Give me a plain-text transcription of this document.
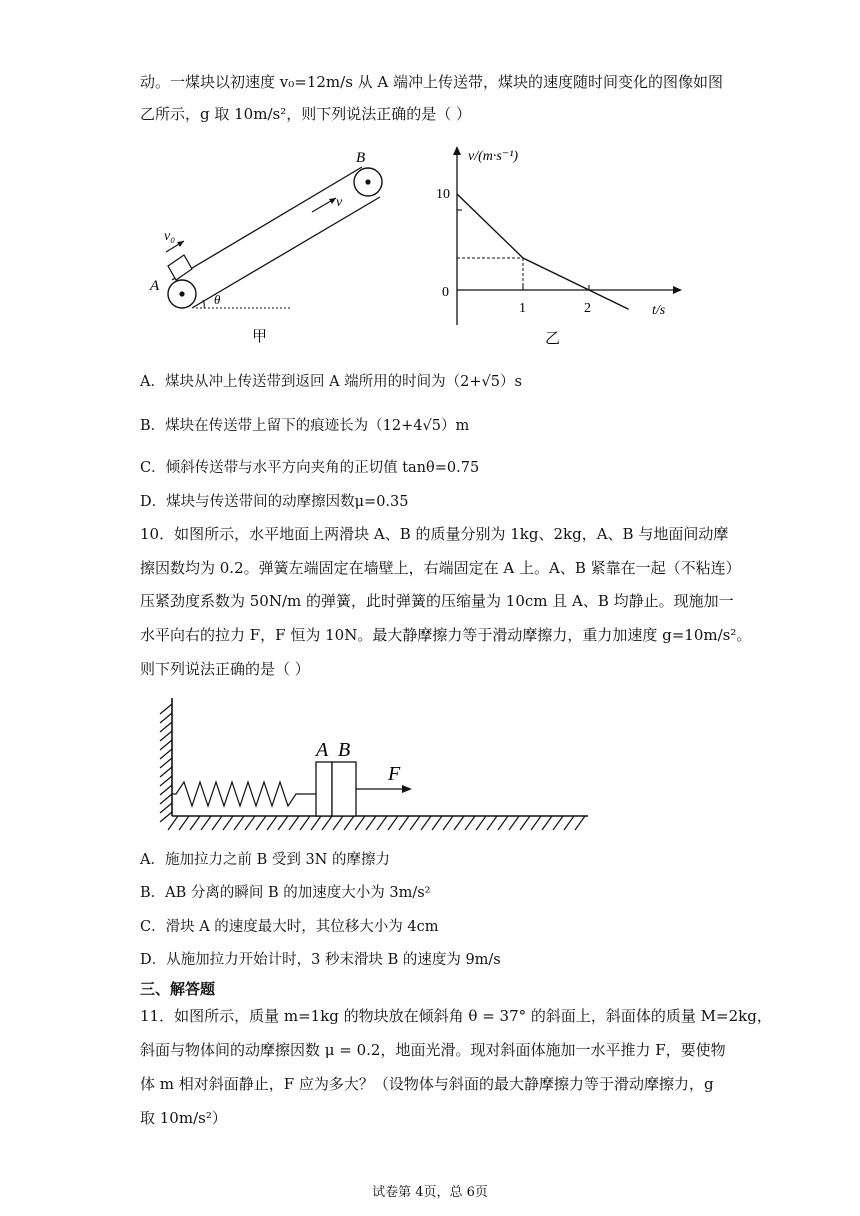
动。一煤块以初速度 v₀=12m/s 从 A 端冲上传送带，煤块的速度随时间变化的图像如图
乙所示，g 取 10m/s²，则下列说法正确的是（ ）
B
A
v
v₀
θ
甲
v/(m·s⁻¹)
t/s
10
0
1	2
乙
A．煤块从冲上传送带到返回 A 端所用的时间为（2+√5）s
B．煤块在传送带上留下的痕迹长为（12+4√5）m
C．倾斜传送带与水平方向夹角的正切值 tanθ=0.75
D．煤块与传送带间的动摩擦因数μ=0.35
10．如图所示，水平地面上两滑块 A、B 的质量分别为 1kg、2kg，A、B 与地面间动摩
擦因数均为 0.2。弹簧左端固定在墙壁上，右端固定在 A 上。A、B 紧靠在一起（不粘连）
压紧劲度系数为 50N/m 的弹簧，此时弹簧的压缩量为 10cm 且 A、B 均静止。现施加一
水平向右的拉力 F，F 恒为 10N。最大静摩擦力等于滑动摩擦力，重力加速度 g=10m/s²。
则下列说法正确的是（ ）
A B
F
A．施加拉力之前 B 受到 3N 的摩擦力
B．AB 分离的瞬间 B 的加速度大小为 3m/s²
C．滑块 A 的速度最大时，其位移大小为 4cm
D．从施加拉力开始计时，3 秒末滑块 B 的速度为 9m/s
三、解答题
11．如图所示，质量 m=1kg 的物块放在倾斜角 θ = 37° 的斜面上，斜面体的质量 M=2kg，
斜面与物体间的动摩擦因数 μ = 0.2，地面光滑。现对斜面体施加一水平推力 F，要使物
体 m 相对斜面静止，F 应为多大？（设物体与斜面的最大静摩擦力等于滑动摩擦力，g
取 10m/s²）
试卷第 4页，总 6页
